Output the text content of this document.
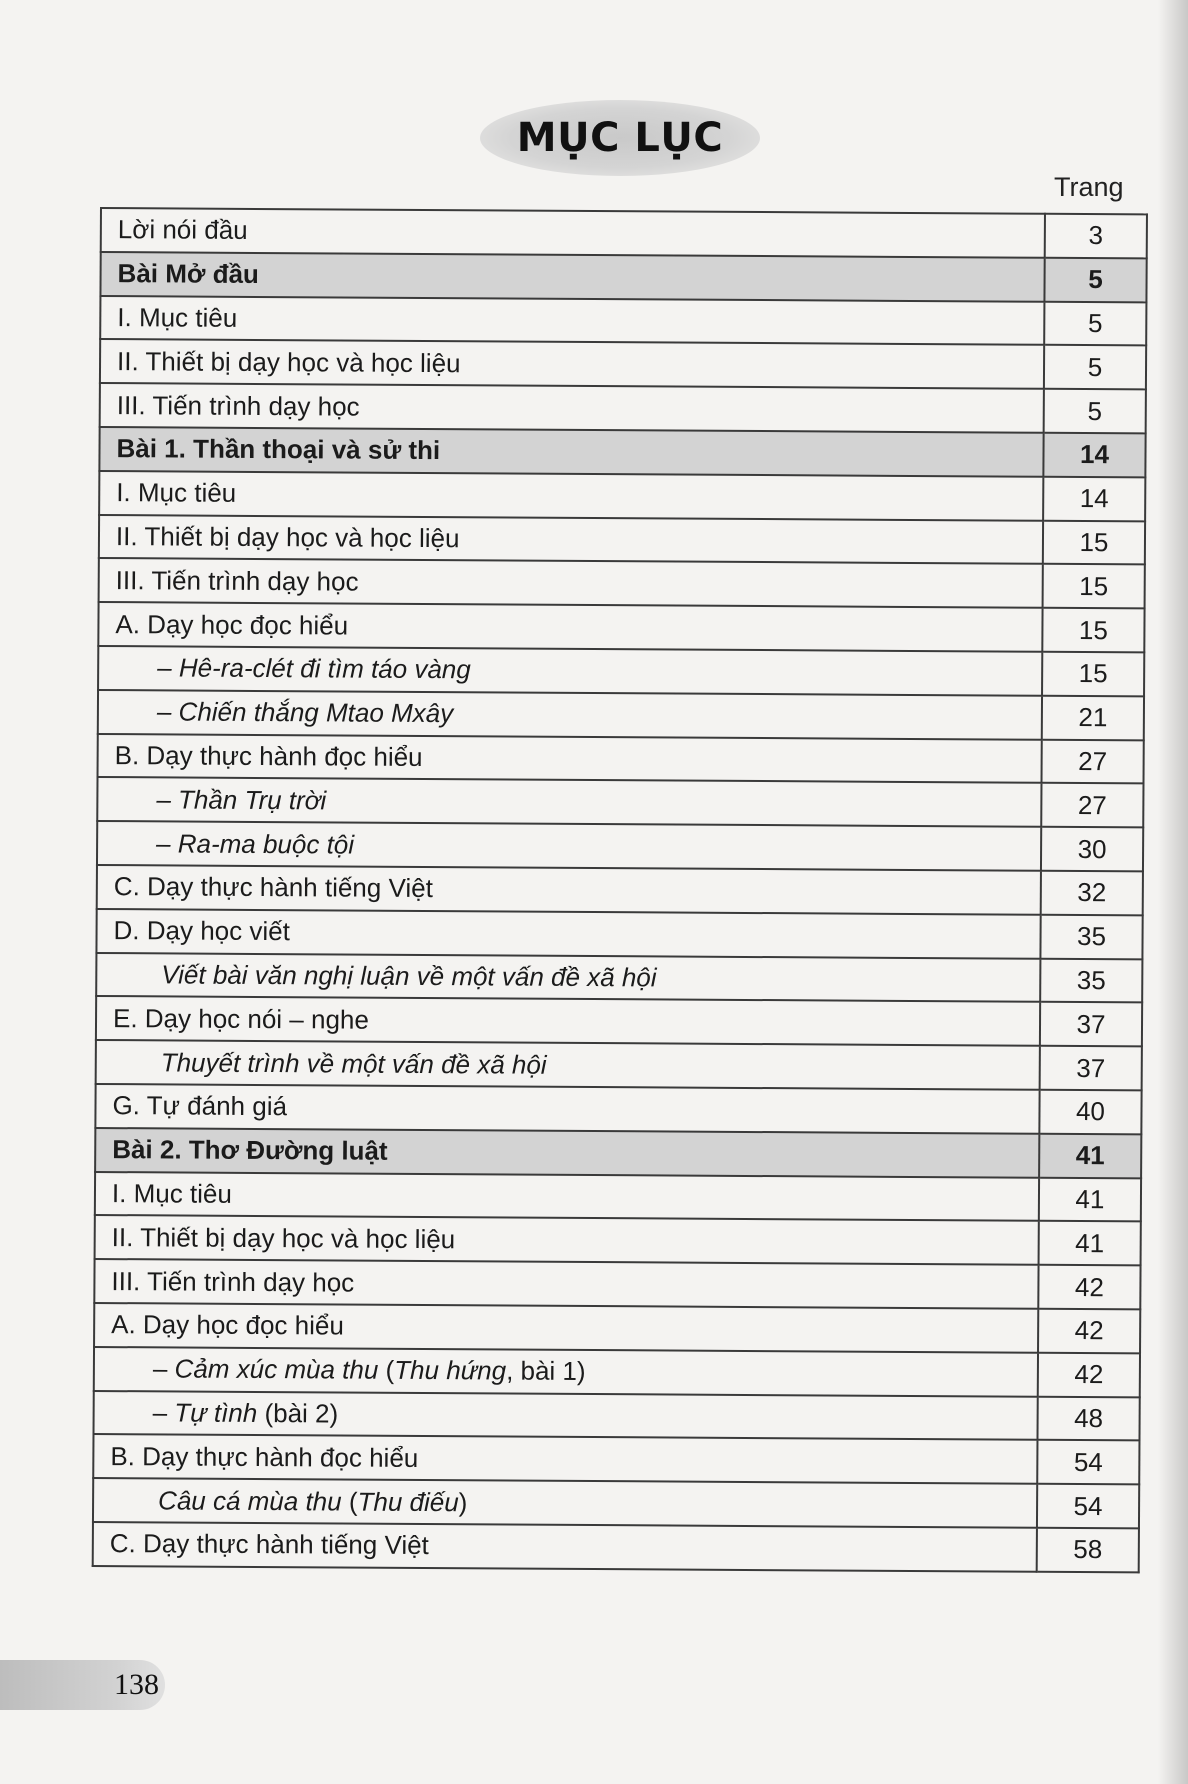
MỤC LỤC
Trang
Lời nói đầu	3
Bài Mở đầu	5
I. Mục tiêu	5
II. Thiết bị dạy học và học liệu	5
III. Tiến trình dạy học	5
Bài 1. Thần thoại và sử thi	14
I. Mục tiêu	14
II. Thiết bị dạy học và học liệu	15
III. Tiến trình dạy học	15
A. Dạy học đọc hiểu	15
– Hê-ra-clét đi tìm táo vàng	15
– Chiến thắng Mtao Mxây	21
B. Dạy thực hành đọc hiểu	27
– Thần Trụ trời	27
– Ra-ma buộc tội	30
C. Dạy thực hành tiếng Việt	32
D. Dạy học viết	35
Viết bài văn nghị luận về một vấn đề xã hội	35
E. Dạy học nói – nghe	37
Thuyết trình về một vấn đề xã hội	37
G. Tự đánh giá	40
Bài 2. Thơ Đường luật	41
I. Mục tiêu	41
II. Thiết bị dạy học và học liệu	41
III. Tiến trình dạy học	42
A. Dạy học đọc hiểu	42
– Cảm xúc mùa thu (Thu hứng, bài 1)	42
– Tự tình (bài 2)	48
B. Dạy thực hành đọc hiểu	54
Câu cá mùa thu (Thu điếu)	54
C. Dạy thực hành tiếng Việt	58
138
